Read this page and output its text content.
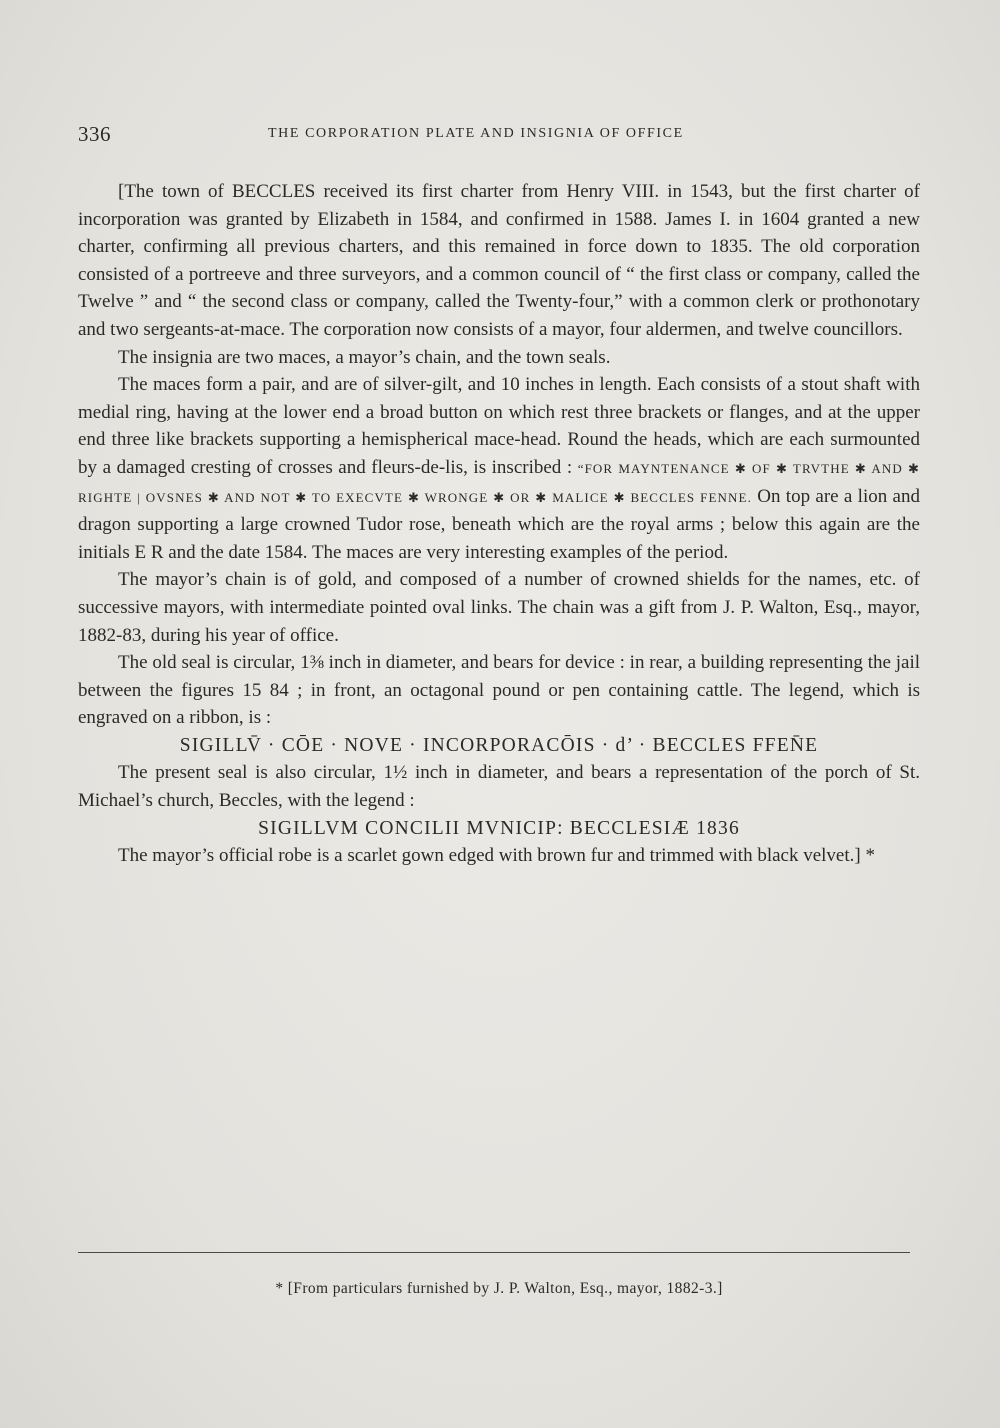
336	THE CORPORATION PLATE AND INSIGNIA OF OFFICE

[The town of BECCLES received its first charter from Henry VIII. in 1543, but the first charter of incorporation was granted by Elizabeth in 1584, and confirmed in 1588. James I. in 1604 granted a new charter, confirming all previous charters, and this remained in force down to 1835. The old corporation consisted of a portreeve and three surveyors, and a common council of “ the first class or company, called the Twelve ” and “ the second class or company, called the Twenty-four,” with a common clerk or prothonotary and two sergeants-at-mace. The corporation now consists of a mayor, four aldermen, and twelve councillors.

The insignia are two maces, a mayor’s chain, and the town seals.

The maces form a pair, and are of silver-gilt, and 10 inches in length. Each consists of a stout shaft with medial ring, having at the lower end a broad button on which rest three brackets or flanges, and at the upper end three like brackets supporting a hemispherical mace-head. Round the heads, which are each surmounted by a damaged cresting of crosses and fleurs-de-lis, is inscribed : “FOR MAYNTENANCE ✱ OF ✱ TRVTHE ✱ AND ✱ RIGHTE | OVSNES ✱ AND NOT ✱ TO EXECVTE ✱ WRONGE ✱ OR ✱ MALICE ✱ BECCLES FENNE. On top are a lion and dragon supporting a large crowned Tudor rose, beneath which are the royal arms ; below this again are the initials E R and the date 1584. The maces are very interesting examples of the period.

The mayor’s chain is of gold, and composed of a number of crowned shields for the names, etc. of successive mayors, with intermediate pointed oval links. The chain was a gift from J. P. Walton, Esq., mayor, 1882-83, during his year of office.

The old seal is circular, 1⅜ inch in diameter, and bears for device : in rear, a building representing the jail between the figures 15 84 ; in front, an octagonal pound or pen containing cattle. The legend, which is engraved on a ribbon, is :

SIGILLV̄ · CŌE · NOVE · INCORPORACŌIS · d’ · BECCLES FFEN̄E

The present seal is also circular, 1½ inch in diameter, and bears a representation of the porch of St. Michael’s church, Beccles, with the legend :

SIGILLVM CONCILII MVNICIP: BECCLESIÆ 1836

The mayor’s official robe is a scarlet gown edged with brown fur and trimmed with black velvet.] *

* [From particulars furnished by J. P. Walton, Esq., mayor, 1882-3.]
